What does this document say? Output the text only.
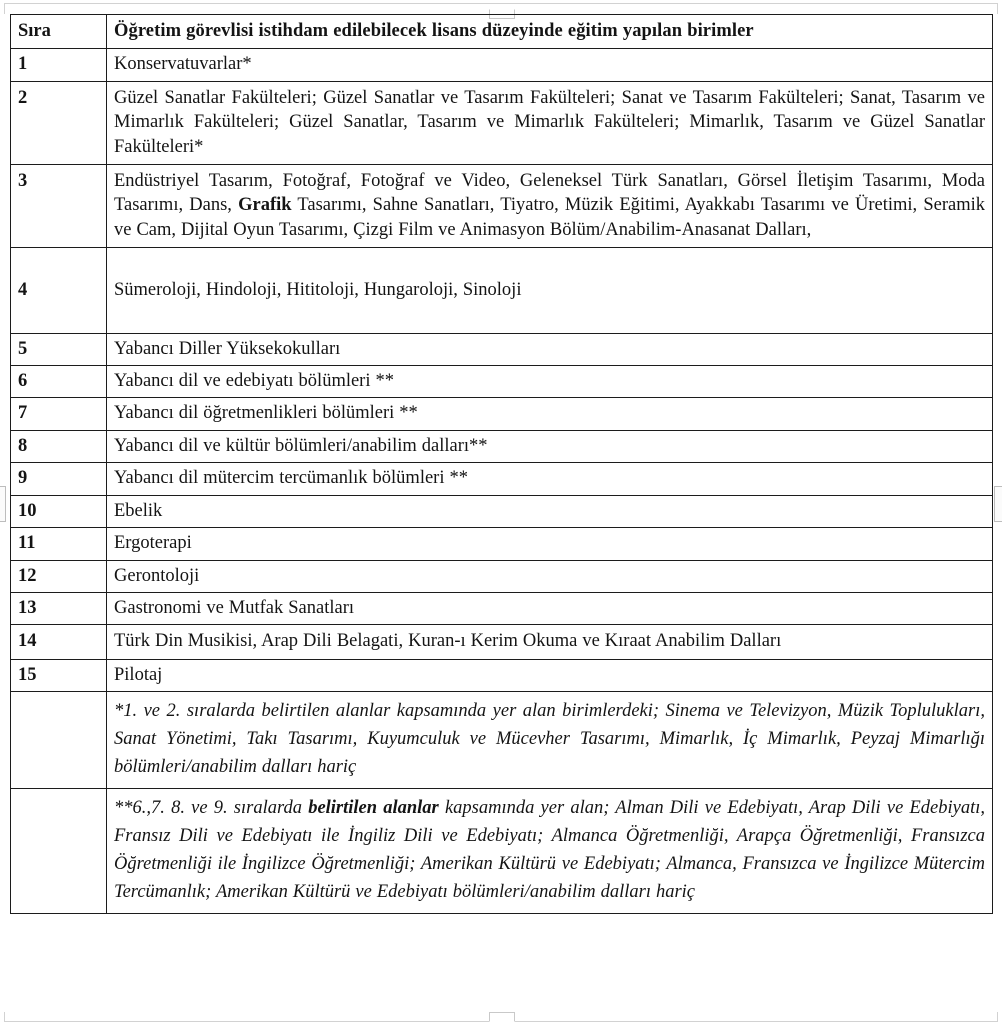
Sıra	Öğretim görevlisi istihdam edilebilecek lisans düzeyinde eğitim yapılan birimler
1	Konservatuvarlar*
2	Güzel Sanatlar Fakülteleri; Güzel Sanatlar ve Tasarım Fakülteleri; Sanat ve Tasarım Fakülteleri; Sanat, Tasarım ve Mimarlık Fakülteleri; Güzel Sanatlar, Tasarım ve Mimarlık Fakülteleri; Mimarlık, Tasarım ve Güzel Sanatlar Fakülteleri*
3	Endüstriyel Tasarım, Fotoğraf, Fotoğraf ve Video, Geleneksel Türk Sanatları, Görsel İletişim Tasarımı, Moda Tasarımı, Dans, Grafik Tasarımı, Sahne Sanatları, Tiyatro, Müzik Eğitimi, Ayakkabı Tasarımı ve Üretimi, Seramik ve Cam, Dijital Oyun Tasarımı, Çizgi Film ve Animasyon Bölüm/Anabilim-Anasanat Dalları,
4	Sümeroloji, Hindoloji, Hititoloji, Hungaroloji, Sinoloji
5	Yabancı Diller Yüksekokulları
6	Yabancı dil ve edebiyatı bölümleri **
7	Yabancı dil öğretmenlikleri bölümleri **
8	Yabancı dil ve kültür bölümleri/anabilim dalları**
9	Yabancı dil mütercim tercümanlık bölümleri **
10	Ebelik
11	Ergoterapi
12	Gerontoloji
13	Gastronomi ve Mutfak Sanatları
14	Türk Din Musikisi, Arap Dili Belagati, Kuran-ı Kerim Okuma ve Kıraat Anabilim Dalları
15	Pilotaj
	*1. ve 2. sıralarda belirtilen alanlar kapsamında yer alan birimlerdeki; Sinema ve Televizyon, Müzik Toplulukları, Sanat Yönetimi, Takı Tasarımı, Kuyumculuk ve Mücevher Tasarımı, Mimarlık, İç Mimarlık, Peyzaj Mimarlığı bölümleri/anabilim dalları hariç
	**6.,7. 8. ve 9. sıralarda belirtilen alanlar kapsamında yer alan; Alman Dili ve Edebiyatı, Arap Dili ve Edebiyatı, Fransız Dili ve Edebiyatı ile İngiliz Dili ve Edebiyatı; Almanca Öğretmenliği, Arapça Öğretmenliği, Fransızca Öğretmenliği ile İngilizce Öğretmenliği; Amerikan Kültürü ve Edebiyatı; Almanca, Fransızca ve İngilizce Mütercim Tercümanlık; Amerikan Kültürü ve Edebiyatı bölümleri/anabilim dalları hariç
